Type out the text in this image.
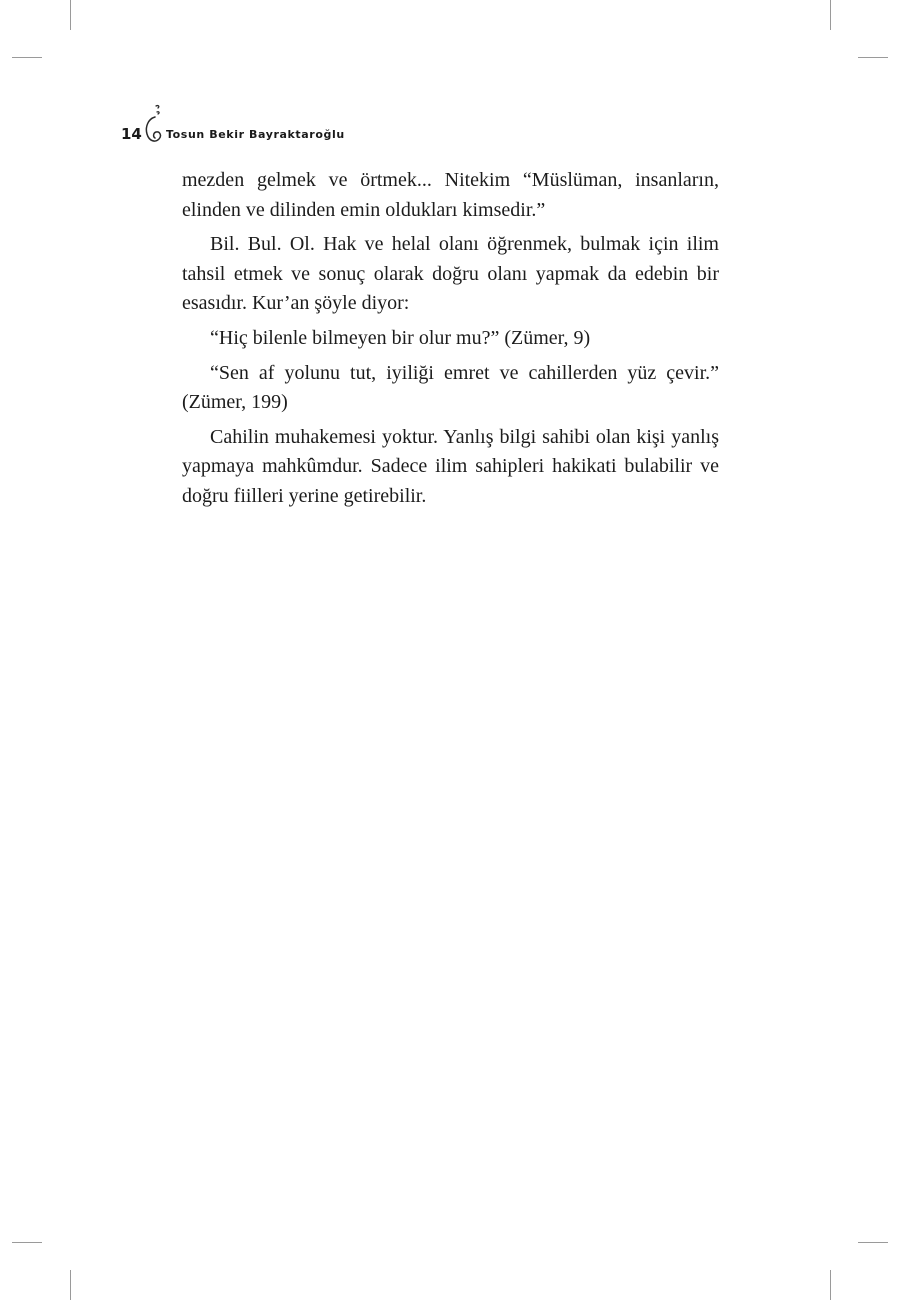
14 Tosun Bekir Bayraktaroğlu

mezden gelmek ve örtmek... Nitekim “Müslüman, insanların, elinden ve dilinden emin oldukları kimsedir.”

Bil. Bul. Ol. Hak ve helal olanı öğrenmek, bulmak için ilim tahsil etmek ve sonuç olarak doğru olanı yapmak da edebin bir esasıdır. Kur’an şöyle diyor:

“Hiç bilenle bilmeyen bir olur mu?” (Zümer, 9)

“Sen af yolunu tut, iyiliği emret ve cahillerden yüz çevir.” (Zümer, 199)

Cahilin muhakemesi yoktur. Yanlış bilgi sahibi olan kişi yanlış yapmaya mahkûmdur. Sadece ilim sahipleri hakikati bulabilir ve doğru fiilleri yerine getirebilir.
